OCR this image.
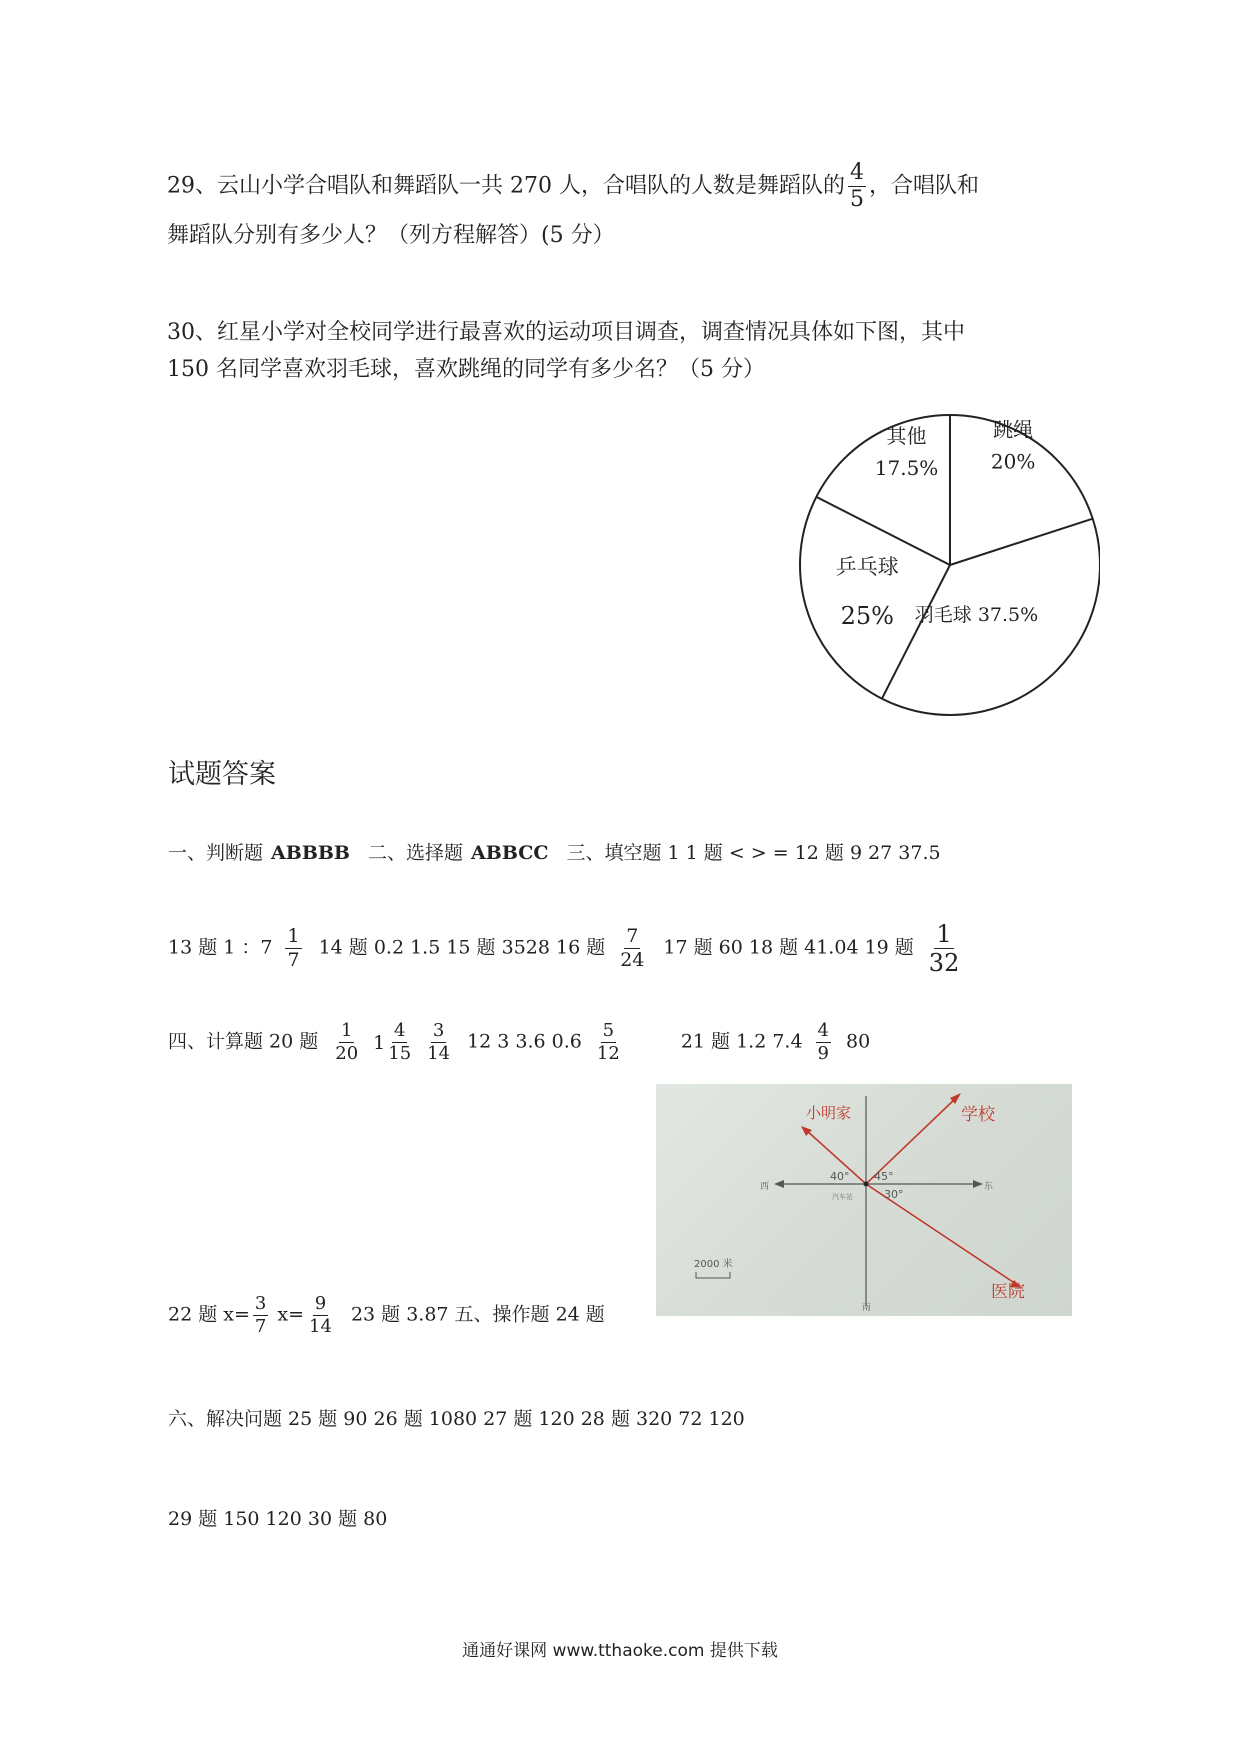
29、云山小学合唱队和舞蹈队一共 270 人，合唱队的人数是舞蹈队的 $\frac{4}{5}$ ，合唱队和
舞蹈队分别有多少人？（列方程解答）(5 分）
30、红星小学对全校同学进行最喜欢的运动项目调查，调查情况具体如下图，其中
150 名同学喜欢羽毛球，喜欢跳绳的同学有多少名？（5 分）
跳绳
20%
羽毛球 37.5%
乒乓球
25%
其他
17.5%
试题答案
一、判断题 ABBBB 二、选择题 ABBCC 三、填空题 1 1 题 < > = 12 题 9 27 37.5
13 题 1 ：$7 \frac{1}{7} 14$ 题 0.2 1.5 15 题 3528 16 题 $\frac{7}{24} 17$ 题 60 18 题 41.04 19 题 $\frac{1}{32}$
四、计算题 20 题 $\frac{1}{20} 1 \frac{4}{15} \frac{3}{14} 12$ 3 3.6 $0.6 \frac{5}{12}$	21 题 1.2 $7.4 \frac{4}{9} 80$
小明家	学校
医院
西	东
南
40° 45°
30°
汽车站
2000 米
22 题 $x= \frac{3}{7} x= \frac{9}{14} 23$ 题 3.87 五、操作题 24 题
六、解决问题 25 题 90 26 题 1080 27 题 120 28 题 320 72 120
29 题 150 120 30 题 80
通通好课网 www.tthaoke.com 提供下载
